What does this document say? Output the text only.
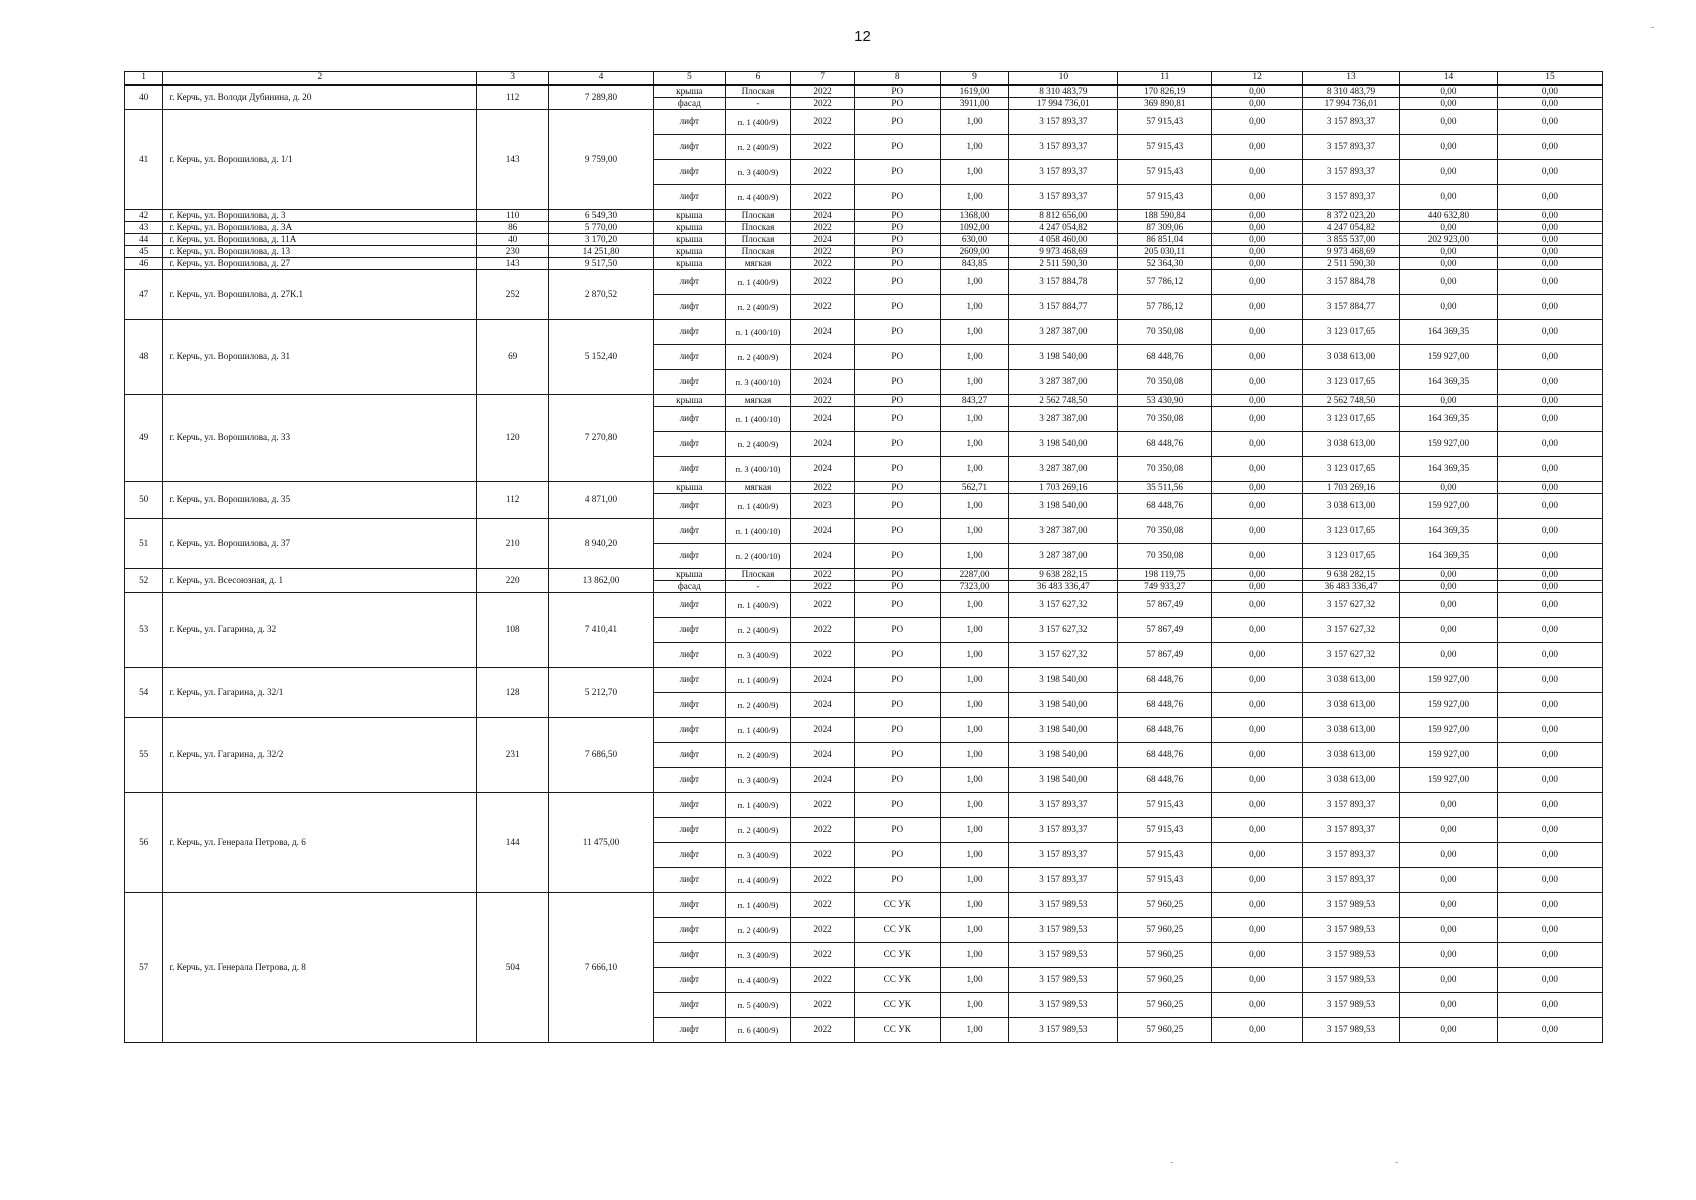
12
-
-	-
1	2	3	4	5	6	7	8	9	10	11	12	13	14	15
40	г. Керчь, ул. Володи Дубинина, д. 20	112	7 289,80	крыша	Плоская	2022	РО	1619,00	8 310 483,79	170 826,19	0,00	8 310 483,79	0,00	0,00
				фасад	-	2022	РО	3911,00	17 994 736,01	369 890,81	0,00	17 994 736,01	0,00	0,00
41	г. Керчь, ул. Ворошилова, д. 1/1	143	9 759,00	лифт	п. 1 (400/9)	2022	РО	1,00	3 157 893,37	57 915,43	0,00	3 157 893,37	0,00	0,00
				лифт	п. 2 (400/9)	2022	РО	1,00	3 157 893,37	57 915,43	0,00	3 157 893,37	0,00	0,00
				лифт	п. 3 (400/9)	2022	РО	1,00	3 157 893,37	57 915,43	0,00	3 157 893,37	0,00	0,00
				лифт	п. 4 (400/9)	2022	РО	1,00	3 157 893,37	57 915,43	0,00	3 157 893,37	0,00	0,00
42	г. Керчь, ул. Ворошилова, д. 3	110	6 549,30	крыша	Плоская	2024	РО	1368,00	8 812 656,00	188 590,84	0,00	8 372 023,20	440 632,80	0,00
43	г. Керчь, ул. Ворошилова, д. 3А	86	5 770,00	крыша	Плоская	2022	РО	1092,00	4 247 054,82	87 309,06	0,00	4 247 054,82	0,00	0,00
44	г. Керчь, ул. Ворошилова, д. 11А	40	3 170,20	крыша	Плоская	2024	РО	630,00	4 058 460,00	86 851,04	0,00	3 855 537,00	202 923,00	0,00
45	г. Керчь, ул. Ворошилова, д. 13	230	14 251,80	крыша	Плоская	2022	РО	2609,00	9 973 468,69	205 030,11	0,00	9 973 468,69	0,00	0,00
46	г. Керчь, ул. Ворошилова, д. 27	143	9 517,50	крыша	мягкая	2022	РО	843,85	2 511 590,30	52 364,30	0,00	2 511 590,30	0,00	0,00
47	г. Керчь, ул. Ворошилова, д. 27К.1	252	2 870,52	лифт	п. 1 (400/9)	2022	РО	1,00	3 157 884,78	57 786,12	0,00	3 157 884,78	0,00	0,00
				лифт	п. 2 (400/9)	2022	РО	1,00	3 157 884,77	57 786,12	0,00	3 157 884,77	0,00	0,00
48	г. Керчь, ул. Ворошилова, д. 31	69	5 152,40	лифт	п. 1 (400/10)	2024	РО	1,00	3 287 387,00	70 350,08	0,00	3 123 017,65	164 369,35	0,00
				лифт	п. 2 (400/9)	2024	РО	1,00	3 198 540,00	68 448,76	0,00	3 038 613,00	159 927,00	0,00
				лифт	п. 3 (400/10)	2024	РО	1,00	3 287 387,00	70 350,08	0,00	3 123 017,65	164 369,35	0,00
49	г. Керчь, ул. Ворошилова, д. 33	120	7 270,80	крыша	мягкая	2022	РО	843,27	2 562 748,50	53 430,90	0,00	2 562 748,50	0,00	0,00
				лифт	п. 1 (400/10)	2024	РО	1,00	3 287 387,00	70 350,08	0,00	3 123 017,65	164 369,35	0,00
				лифт	п. 2 (400/9)	2024	РО	1,00	3 198 540,00	68 448,76	0,00	3 038 613,00	159 927,00	0,00
				лифт	п. 3 (400/10)	2024	РО	1,00	3 287 387,00	70 350,08	0,00	3 123 017,65	164 369,35	0,00
50	г. Керчь, ул. Ворошилова, д. 35	112	4 871,00	крыша	мягкая	2022	РО	562,71	1 703 269,16	35 511,56	0,00	1 703 269,16	0,00	0,00
				лифт	п. 1 (400/9)	2023	РО	1,00	3 198 540,00	68 448,76	0,00	3 038 613,00	159 927,00	0,00
51	г. Керчь, ул. Ворошилова, д. 37	210	8 940,20	лифт	п. 1 (400/10)	2024	РО	1,00	3 287 387,00	70 350,08	0,00	3 123 017,65	164 369,35	0,00
				лифт	п. 2 (400/10)	2024	РО	1,00	3 287 387,00	70 350,08	0,00	3 123 017,65	164 369,35	0,00
52	г. Керчь, ул. Всесоюзная, д. 1	220	13 862,00	крыша	Плоская	2022	РО	2287,00	9 638 282,15	198 119,75	0,00	9 638 282,15	0,00	0,00
				фасад	-	2022	РО	7323,00	36 483 336,47	749 933,27	0,00	36 483 336,47	0,00	0,00
53	г. Керчь, ул. Гагарина, д. 32	108	7 410,41	лифт	п. 1 (400/9)	2022	РО	1,00	3 157 627,32	57 867,49	0,00	3 157 627,32	0,00	0,00
				лифт	п. 2 (400/9)	2022	РО	1,00	3 157 627,32	57 867,49	0,00	3 157 627,32	0,00	0,00
				лифт	п. 3 (400/9)	2022	РО	1,00	3 157 627,32	57 867,49	0,00	3 157 627,32	0,00	0,00
54	г. Керчь, ул. Гагарина, д. 32/1	128	5 212,70	лифт	п. 1 (400/9)	2024	РО	1,00	3 198 540,00	68 448,76	0,00	3 038 613,00	159 927,00	0,00
				лифт	п. 2 (400/9)	2024	РО	1,00	3 198 540,00	68 448,76	0,00	3 038 613,00	159 927,00	0,00
55	г. Керчь, ул. Гагарина, д. 32/2	231	7 686,50	лифт	п. 1 (400/9)	2024	РО	1,00	3 198 540,00	68 448,76	0,00	3 038 613,00	159 927,00	0,00
				лифт	п. 2 (400/9)	2024	РО	1,00	3 198 540,00	68 448,76	0,00	3 038 613,00	159 927,00	0,00
				лифт	п. 3 (400/9)	2024	РО	1,00	3 198 540,00	68 448,76	0,00	3 038 613,00	159 927,00	0,00
56	г. Керчь, ул. Генерала Петрова, д. 6	144	11 475,00	лифт	п. 1 (400/9)	2022	РО	1,00	3 157 893,37	57 915,43	0,00	3 157 893,37	0,00	0,00
				лифт	п. 2 (400/9)	2022	РО	1,00	3 157 893,37	57 915,43	0,00	3 157 893,37	0,00	0,00
				лифт	п. 3 (400/9)	2022	РО	1,00	3 157 893,37	57 915,43	0,00	3 157 893,37	0,00	0,00
				лифт	п. 4 (400/9)	2022	РО	1,00	3 157 893,37	57 915,43	0,00	3 157 893,37	0,00	0,00
57	г. Керчь, ул. Генерала Петрова, д. 8	504	7 666,10	лифт	п. 1 (400/9)	2022	СС УК	1,00	3 157 989,53	57 960,25	0,00	3 157 989,53	0,00	0,00
				лифт	п. 2 (400/9)	2022	СС УК	1,00	3 157 989,53	57 960,25	0,00	3 157 989,53	0,00	0,00
				лифт	п. 3 (400/9)	2022	СС УК	1,00	3 157 989,53	57 960,25	0,00	3 157 989,53	0,00	0,00
				лифт	п. 4 (400/9)	2022	СС УК	1,00	3 157 989,53	57 960,25	0,00	3 157 989,53	0,00	0,00
				лифт	п. 5 (400/9)	2022	СС УК	1,00	3 157 989,53	57 960,25	0,00	3 157 989,53	0,00	0,00
				лифт	п. 6 (400/9)	2022	СС УК	1,00	3 157 989,53	57 960,25	0,00	3 157 989,53	0,00	0,00
